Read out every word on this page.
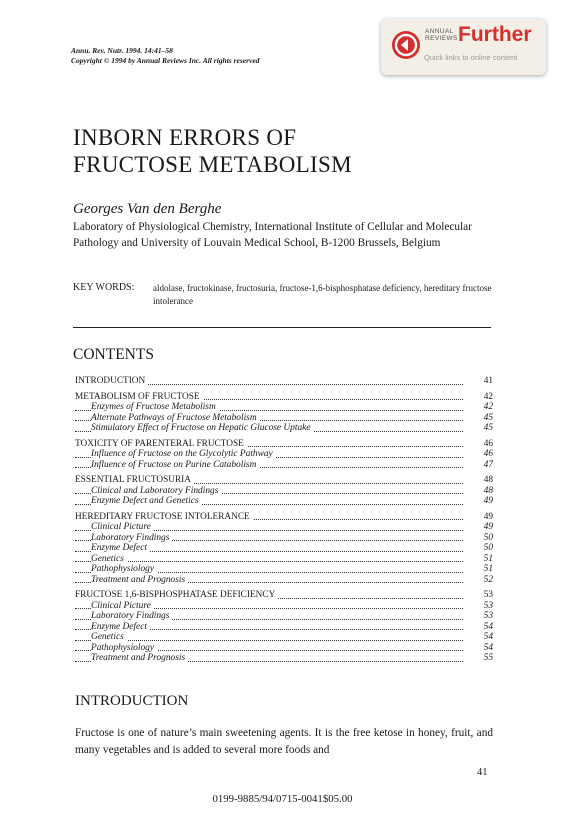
Annu. Rev. Nutr. 1994. 14:41–58
Copyright © 1994 by Annual Reviews Inc. All rights reserved
ANNUAL
REVIEWS Further
Quick links to online content
INBORN ERRORS OF
FRUCTOSE METABOLISM
Georges Van den Berghe
Laboratory of Physiological Chemistry, International Institute of Cellular and Molecular Pathology and University of Louvain Medical School, B-1200 Brussels, Belgium
KEY WORDS: aldolase, fructokinase, fructosuria, fructose-1,6-bisphosphatase deficiency, hereditary fructose intolerance
CONTENTS
INTRODUCTION	41
METABOLISM OF FRUCTOSE	42
Enzymes of Fructose Metabolism	42
Alternate Pathways of Fructose Metabolism	45
Stimulatory Effect of Fructose on Hepatic Glucose Uptake	45
TOXICITY OF PARENTERAL FRUCTOSE	46
Influence of Fructose on the Glycolytic Pathway	46
Influence of Fructose on Purine Catabolism	47
ESSENTIAL FRUCTOSURIA	48
Clinical and Laboratory Findings	48
Enzyme Defect and Genetics	49
HEREDITARY FRUCTOSE INTOLERANCE	49
Clinical Picture	49
Laboratory Findings	50
Enzyme Defect	50
Genetics	51
Pathophysiology	51
Treatment and Prognosis	52
FRUCTOSE 1,6-BISPHOSPHATASE DEFICIENCY	53
Clinical Picture	53
Laboratory Findings	53
Enzyme Defect	54
Genetics	54
Pathophysiology	54
Treatment and Prognosis	55
INTRODUCTION
Fructose is one of nature’s main sweetening agents. It is the free ketose in honey, fruit, and many vegetables and is added to several more foods and
41
0199-9885/94/0715-0041$05.00
